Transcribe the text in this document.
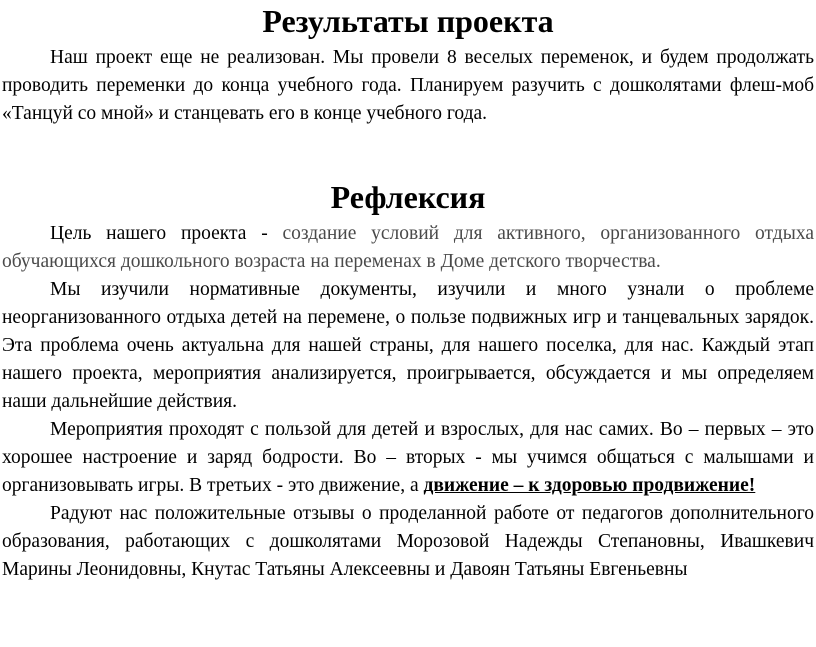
Результаты проекта

Наш проект еще не реализован. Мы провели 8 веселых переменок, и будем продолжать проводить переменки до конца учебного года. Планируем разучить с дошколятами флеш-моб «Танцуй со мной» и станцевать его в конце учебного года.

Рефлексия

Цель нашего проекта - создание условий для активного, организованного отдыха обучающихся дошкольного возраста на переменах в Доме детского творчества.

Мы изучили нормативные документы, изучили и много узнали о проблеме неорганизованного отдыха детей на перемене, о пользе подвижных игр и танцевальных зарядок. Эта проблема очень актуальна для нашей страны, для нашего поселка, для нас. Каждый этап нашего проекта, мероприятия анализируется, проигрывается, обсуждается и мы определяем наши дальнейшие действия.

Мероприятия проходят с пользой для детей и взрослых, для нас самих. Во – первых – это хорошее настроение и заряд бодрости. Во – вторых - мы учимся общаться с малышами и организовывать игры. В третьих - это движение, а движение – к здоровью продвижение!

Радуют нас положительные отзывы о проделанной работе от педагогов дополнительного образования, работающих с дошколятами Морозовой Надежды Степановны, Ивашкевич Марины Леонидовны, Кнутас Татьяны Алексеевны и Давоян Татьяны Евгеньевны
